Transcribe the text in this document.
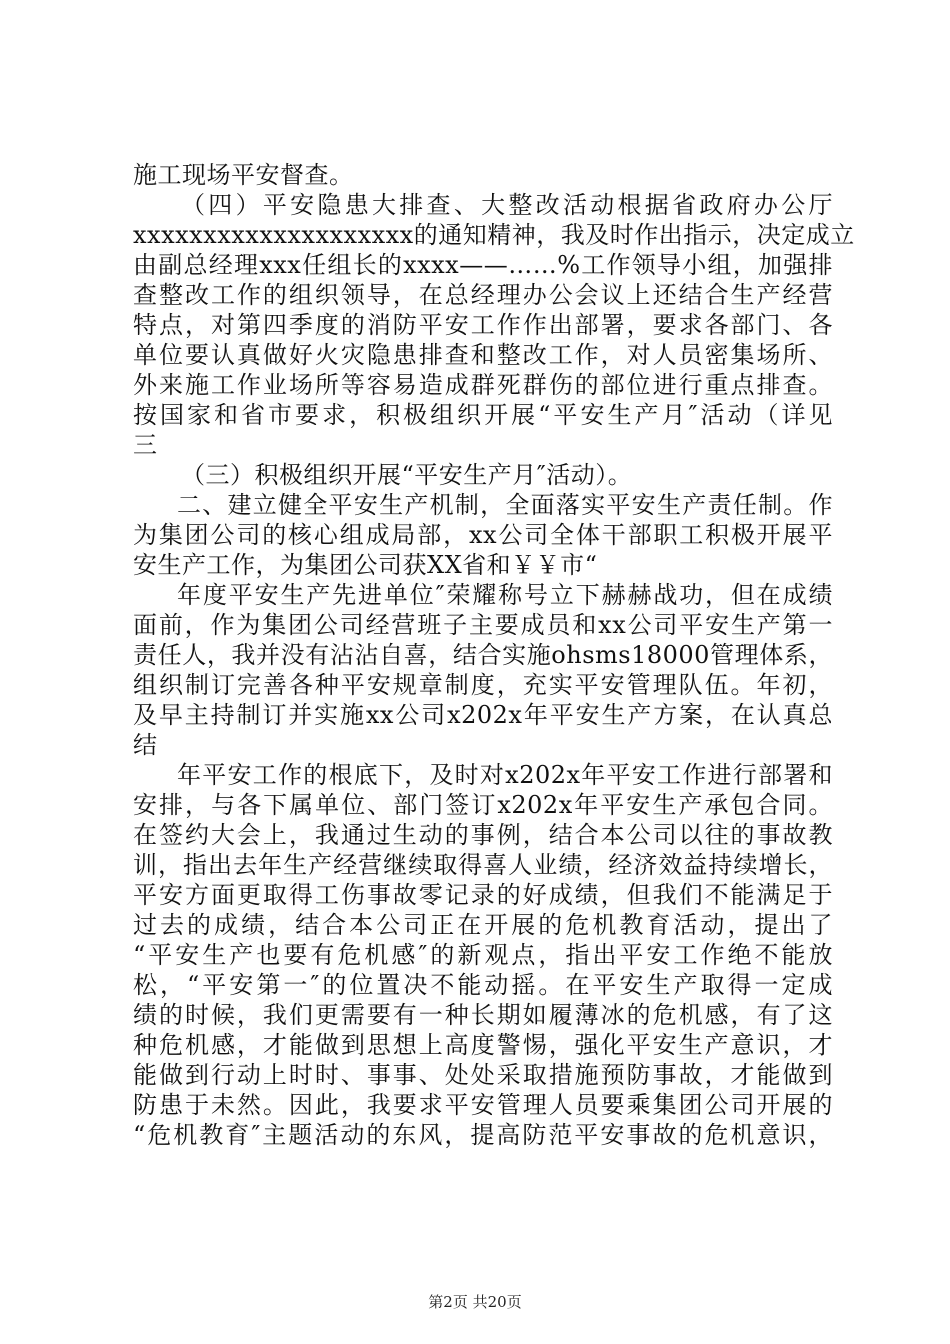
施工现场平安督查。
（四）平安隐患大排查、大整改活动根据省政府办公厅
xxxxxxxxxxxxxxxxxxxx的通知精神，我及时作出指示，决定成立
由副总经理xxx任组长的xxxx——……%工作领导小组，加强排
查整改工作的组织领导，在总经理办公会议上还结合生产经营
特点，对第四季度的消防平安工作作出部署，要求各部门、各
单位要认真做好火灾隐患排查和整改工作，对人员密集场所、
外来施工作业场所等容易造成群死群伤的部位进行重点排查。
按国家和省市要求，积极组织开展“平安生产月″活动（详见
三
（三）积极组织开展“平安生产月″活动）。
二、建立健全平安生产机制，全面落实平安生产责任制。作
为集团公司的核心组成局部，xx公司全体干部职工积极开展平
安生产工作，为集团公司获XX省和￥￥市“
年度平安生产先进单位″荣耀称号立下赫赫战功，但在成绩
面前，作为集团公司经营班子主要成员和xx公司平安生产第一
责任人，我并没有沾沾自喜，结合实施ohsms18000管理体系，
组织制订完善各种平安规章制度，充实平安管理队伍。年初，
及早主持制订并实施xx公司x202x年平安生产方案，在认真总
结
年平安工作的根底下，及时对x202x年平安工作进行部署和
安排，与各下属单位、部门签订x202x年平安生产承包合同。
在签约大会上，我通过生动的事例，结合本公司以往的事故教
训，指出去年生产经营继续取得喜人业绩，经济效益持续增长，
平安方面更取得工伤事故零记录的好成绩，但我们不能满足于
过去的成绩，结合本公司正在开展的危机教育活动，提出了
“平安生产也要有危机感″的新观点，指出平安工作绝不能放
松，“平安第一″的位置决不能动摇。在平安生产取得一定成
绩的时候，我们更需要有一种长期如履薄冰的危机感，有了这
种危机感，才能做到思想上高度警惕，强化平安生产意识，才
能做到行动上时时、事事、处处采取措施预防事故，才能做到
防患于未然。因此，我要求平安管理人员要乘集团公司开展的
“危机教育″主题活动的东风，提高防范平安事故的危机意识，
第2页 共20页
